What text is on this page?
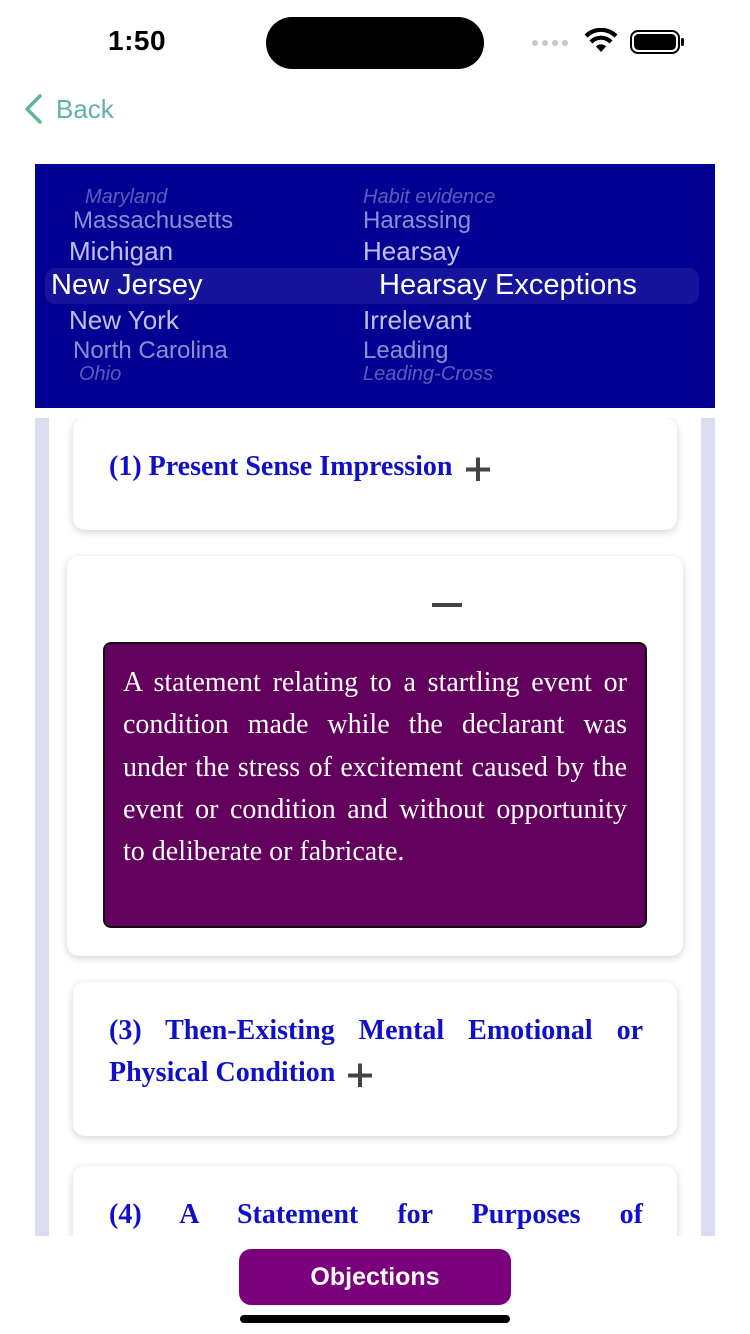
1:50
Back
Maryland
Massachusetts
Michigan
New Jersey
New York
North Carolina
Ohio
Habit evidence
Harassing
Hearsay
Hearsay Exceptions
Irrelevant
Leading
Leading-Cross
(1) Present Sense Impression
A statement relating to a startling event or condition made while the declarant was under the stress of excitement caused by the event or condition and without opportunity to deliberate or fabricate.
(3) Then-Existing Mental Emotional or Physical Condition
(4) A Statement for Purposes of
Objections
